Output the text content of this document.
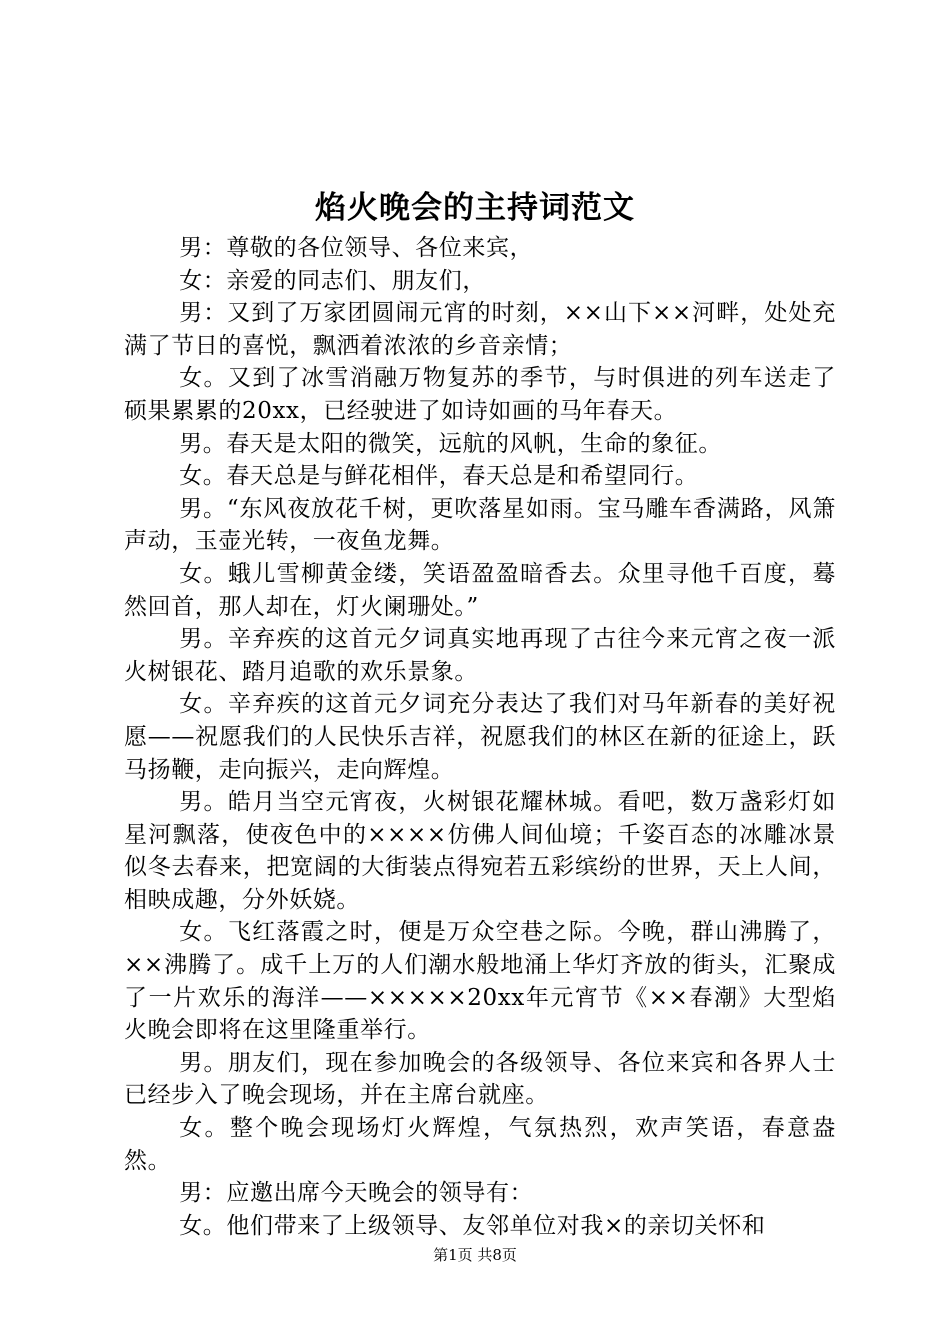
焰火晚会的主持词范文

男：尊敬的各位领导、各位来宾，

女：亲爱的同志们、朋友们，

男：又到了万家团圆闹元宵的时刻，××山下××河畔，处处充满了节日的喜悦，飘洒着浓浓的乡音亲情；

女。又到了冰雪消融万物复苏的季节，与时俱进的列车送走了硕果累累的20xx，已经驶进了如诗如画的马年春天。

男。春天是太阳的微笑，远航的风帆，生命的象征。

女。春天总是与鲜花相伴，春天总是和希望同行。

男。“东风夜放花千树，更吹落星如雨。宝马雕车香满路，风箫声动，玉壶光转，一夜鱼龙舞。

女。蛾儿雪柳黄金缕，笑语盈盈暗香去。众里寻他千百度，蓦然回首，那人却在，灯火阑珊处。”

男。辛弃疾的这首元夕词真实地再现了古往今来元宵之夜一派火树银花、踏月追歌的欢乐景象。

女。辛弃疾的这首元夕词充分表达了我们对马年新春的美好祝愿——祝愿我们的人民快乐吉祥，祝愿我们的林区在新的征途上，跃马扬鞭，走向振兴，走向辉煌。

男。皓月当空元宵夜，火树银花耀林城。看吧，数万盏彩灯如星河飘落，使夜色中的××××仿佛人间仙境；千姿百态的冰雕冰景似冬去春来，把宽阔的大街装点得宛若五彩缤纷的世界，天上人间，相映成趣，分外妖娆。

女。飞红落霞之时，便是万众空巷之际。今晚，群山沸腾了，××沸腾了。成千上万的人们潮水般地涌上华灯齐放的街头，汇聚成了一片欢乐的海洋——×××××20xx年元宵节《××春潮》大型焰火晚会即将在这里隆重举行。

男。朋友们，现在参加晚会的各级领导、各位来宾和各界人士已经步入了晚会现场，并在主席台就座。

女。整个晚会现场灯火辉煌，气氛热烈，欢声笑语，春意盎然。

男：应邀出席今天晚会的领导有：

女。他们带来了上级领导、友邻单位对我×的亲切关怀和

第1页 共8页
